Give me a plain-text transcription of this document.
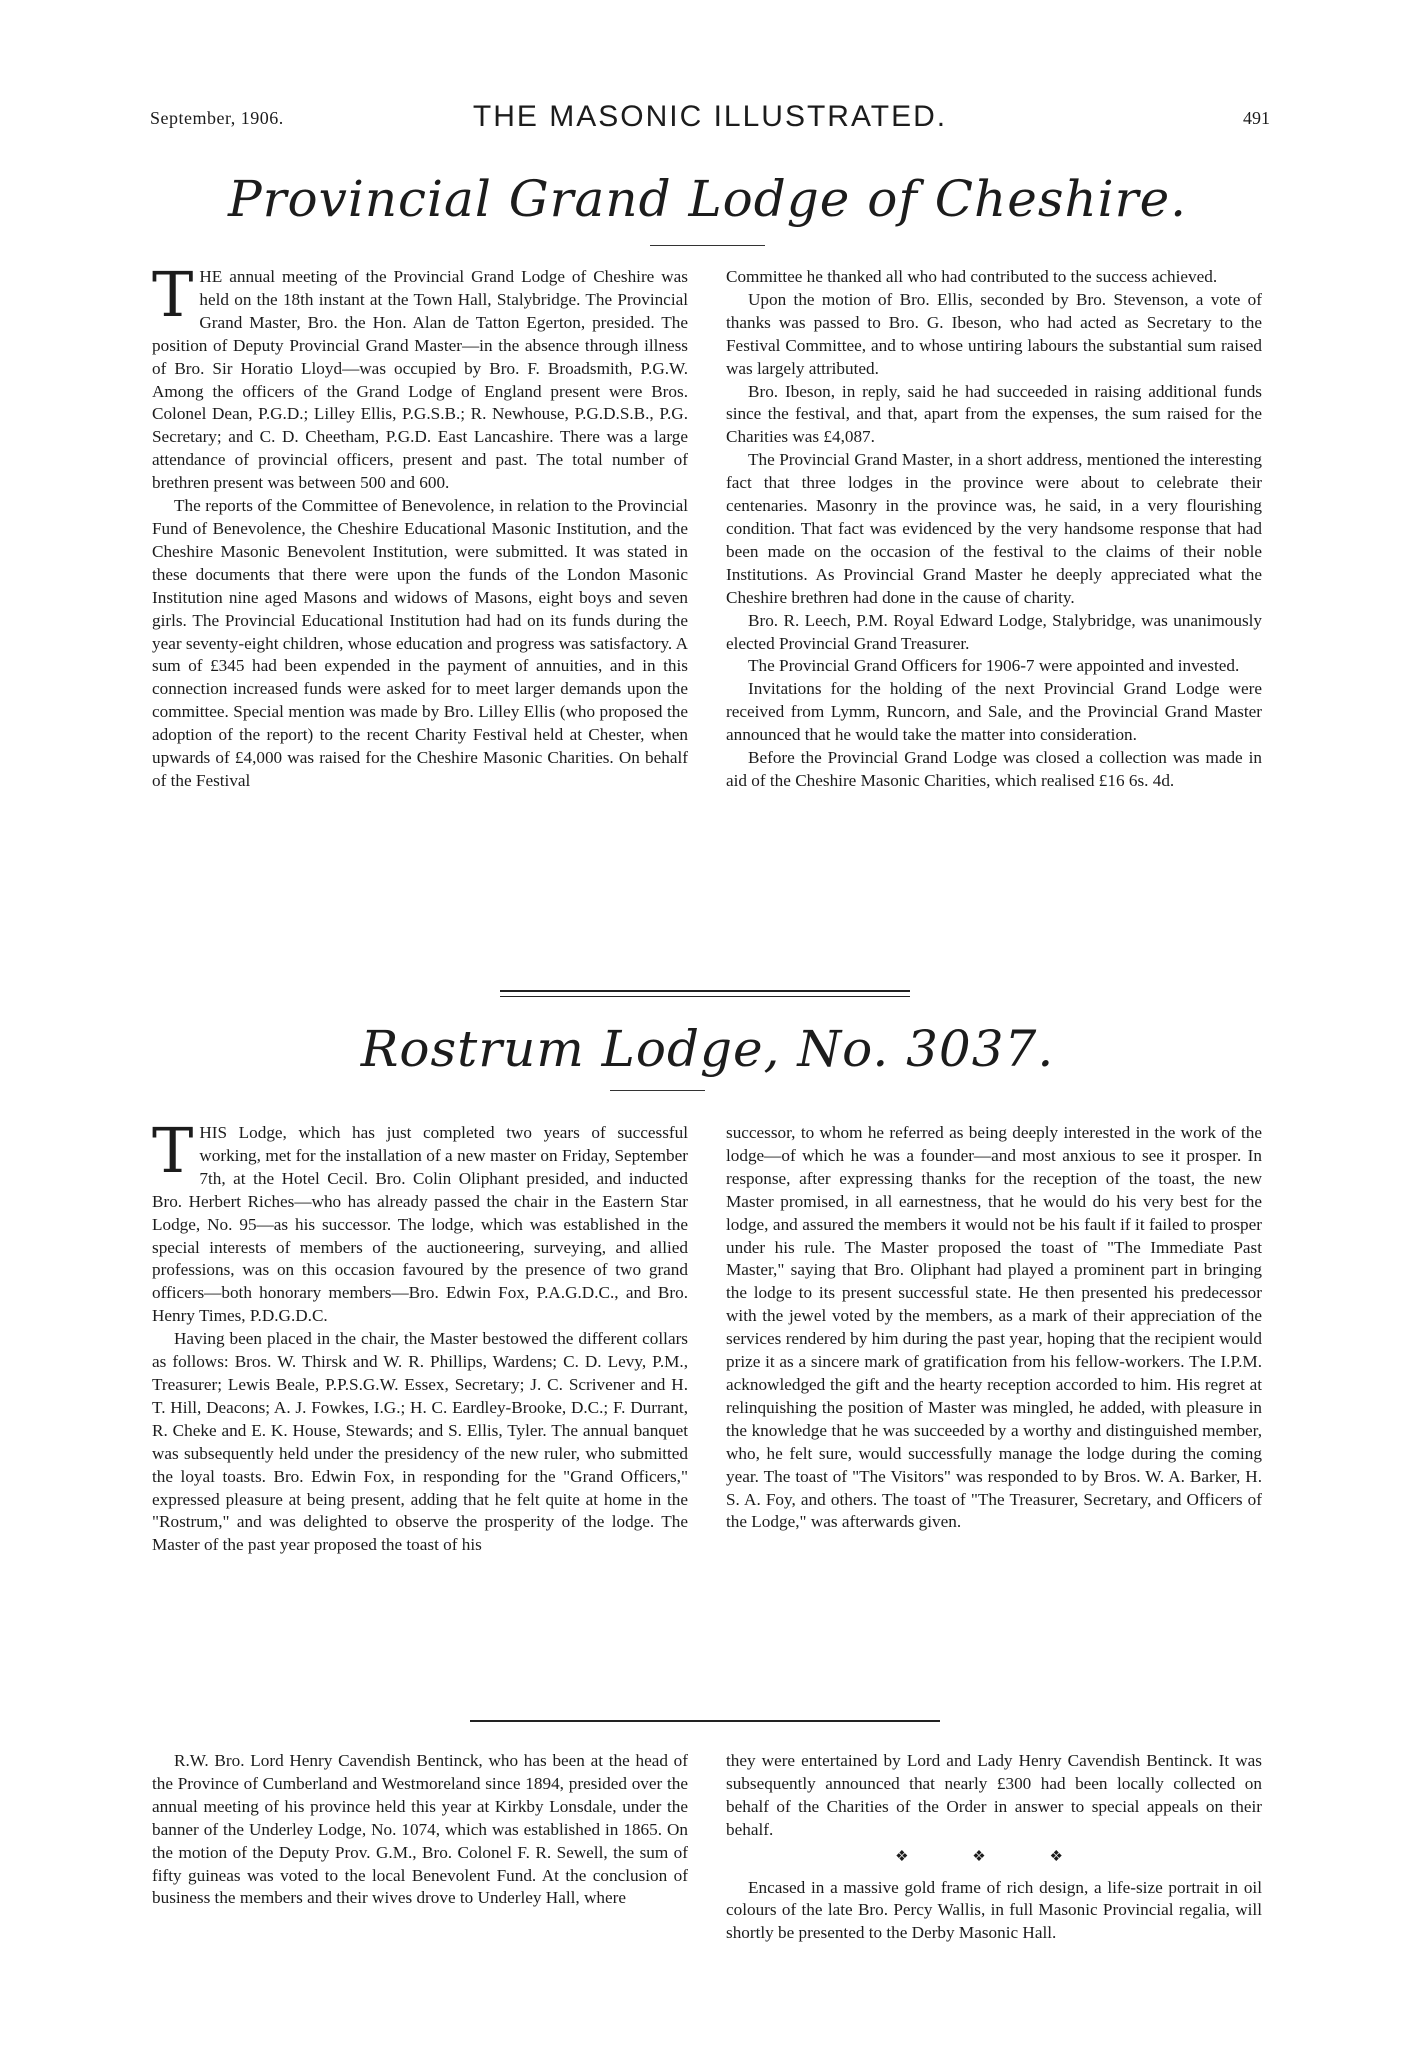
September, 1906.	THE MASONIC ILLUSTRATED.	491
Provincial Grand Lodge of Cheshire.
T HE annual meeting of the Provincial Grand Lodge of Cheshire was held on the 18th instant at the Town Hall, Stalybridge. The Provincial Grand Master, Bro. the Hon. Alan de Tatton Egerton, presided. The position of Deputy Provincial Grand Master—in the absence through illness of Bro. Sir Horatio Lloyd—was occupied by Bro. F. Broadsmith, P.G.W. Among the officers of the Grand Lodge of England present were Bros. Colonel Dean, P.G.D.; Lilley Ellis, P.G.S.B.; R. Newhouse, P.G.D.S.B., P.G. Secretary; and C. D. Cheetham, P.G.D. East Lancashire. There was a large attendance of provincial officers, present and past. The total number of brethren present was between 500 and 600.

The reports of the Committee of Benevolence, in relation to the Provincial Fund of Benevolence, the Cheshire Educational Masonic Institution, and the Cheshire Masonic Benevolent Institution, were submitted. It was stated in these documents that there were upon the funds of the London Masonic Institution nine aged Masons and widows of Masons, eight boys and seven girls. The Provincial Educational Institution had had on its funds during the year seventy-eight children, whose education and progress was satisfactory. A sum of £345 had been expended in the payment of annuities, and in this connection increased funds were asked for to meet larger demands upon the committee. Special mention was made by Bro. Lilley Ellis (who proposed the adoption of the report) to the recent Charity Festival held at Chester, when upwards of £4,000 was raised for the Cheshire Masonic Charities. On behalf of the Festival

Committee he thanked all who had contributed to the success achieved.

Upon the motion of Bro. Ellis, seconded by Bro. Stevenson, a vote of thanks was passed to Bro. G. Ibeson, who had acted as Secretary to the Festival Committee, and to whose untiring labours the substantial sum raised was largely attributed.

Bro. Ibeson, in reply, said he had succeeded in raising additional funds since the festival, and that, apart from the expenses, the sum raised for the Charities was £4,087.

The Provincial Grand Master, in a short address, mentioned the interesting fact that three lodges in the province were about to celebrate their centenaries. Masonry in the province was, he said, in a very flourishing condition. That fact was evidenced by the very handsome response that had been made on the occasion of the festival to the claims of their noble Institutions. As Provincial Grand Master he deeply appreciated what the Cheshire brethren had done in the cause of charity.

Bro. R. Leech, P.M. Royal Edward Lodge, Stalybridge, was unanimously elected Provincial Grand Treasurer.

The Provincial Grand Officers for 1906-7 were appointed and invested.

Invitations for the holding of the next Provincial Grand Lodge were received from Lymm, Runcorn, and Sale, and the Provincial Grand Master announced that he would take the matter into consideration.

Before the Provincial Grand Lodge was closed a collection was made in aid of the Cheshire Masonic Charities, which realised £16 6s. 4d.

Rostrum Lodge, No. 3037.
T HIS Lodge, which has just completed two years of successful working, met for the installation of a new master on Friday, September 7th, at the Hotel Cecil. Bro. Colin Oliphant presided, and inducted Bro. Herbert Riches—who has already passed the chair in the Eastern Star Lodge, No. 95—as his successor. The lodge, which was established in the special interests of members of the auctioneering, surveying, and allied professions, was on this occasion favoured by the presence of two grand officers—both honorary members—Bro. Edwin Fox, P.A.G.D.C., and Bro. Henry Times, P.D.G.D.C.

Having been placed in the chair, the Master bestowed the different collars as follows: Bros. W. Thirsk and W. R. Phillips, Wardens; C. D. Levy, P.M., Treasurer; Lewis Beale, P.P.S.G.W. Essex, Secretary; J. C. Scrivener and H. T. Hill, Deacons; A. J. Fowkes, I.G.; H. C. Eardley-Brooke, D.C.; F. Durrant, R. Cheke and E. K. House, Stewards; and S. Ellis, Tyler. The annual banquet was subsequently held under the presidency of the new ruler, who submitted the loyal toasts. Bro. Edwin Fox, in responding for the "Grand Officers," expressed pleasure at being present, adding that he felt quite at home in the "Rostrum," and was delighted to observe the prosperity of the lodge. The Master of the past year proposed the toast of his

successor, to whom he referred as being deeply interested in the work of the lodge—of which he was a founder—and most anxious to see it prosper. In response, after expressing thanks for the reception of the toast, the new Master promised, in all earnestness, that he would do his very best for the lodge, and assured the members it would not be his fault if it failed to prosper under his rule. The Master proposed the toast of "The Immediate Past Master," saying that Bro. Oliphant had played a prominent part in bringing the lodge to its present successful state. He then presented his predecessor with the jewel voted by the members, as a mark of their appreciation of the services rendered by him during the past year, hoping that the recipient would prize it as a sincere mark of gratification from his fellow-workers. The I.P.M. acknowledged the gift and the hearty reception accorded to him. His regret at relinquishing the position of Master was mingled, he added, with pleasure in the knowledge that he was succeeded by a worthy and distinguished member, who, he felt sure, would successfully manage the lodge during the coming year. The toast of "The Visitors" was responded to by Bros. W. A. Barker, H. S. A. Foy, and others. The toast of "The Treasurer, Secretary, and Officers of the Lodge," was afterwards given.

R.W. Bro. Lord Henry Cavendish Bentinck, who has been at the head of the Province of Cumberland and Westmoreland since 1894, presided over the annual meeting of his province held this year at Kirkby Lonsdale, under the banner of the Underley Lodge, No. 1074, which was established in 1865. On the motion of the Deputy Prov. G.M., Bro. Colonel F. R. Sewell, the sum of fifty guineas was voted to the local Benevolent Fund. At the conclusion of business the members and their wives drove to Underley Hall, where

they were entertained by Lord and Lady Henry Cavendish Bentinck. It was subsequently announced that nearly £300 had been locally collected on behalf of the Charities of the Order in answer to special appeals on their behalf.

❖ ❖ ❖

Encased in a massive gold frame of rich design, a life-size portrait in oil colours of the late Bro. Percy Wallis, in full Masonic Provincial regalia, will shortly be presented to the Derby Masonic Hall.
